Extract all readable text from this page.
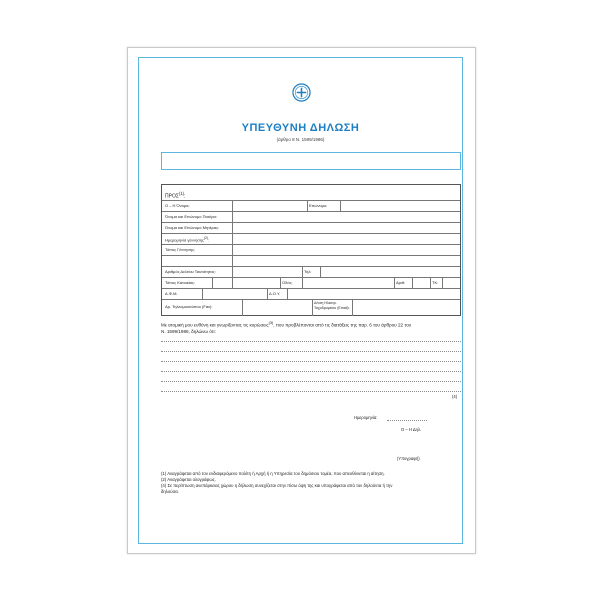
ΥΠΕΥΘΥΝΗ ΔΗΛΩΣΗ
(άρθρο 8 Ν. 1599/1986)
ΠΡΟΣ$^{(1)}$:
Ο – Η Όνομα:	Επώνυμο:
Όνομα και Επώνυμο Πατέρα:
Όνομα και Επώνυμο Μητέρας:
Ημερομηνία γέννησης$^{(2)}$:
Τόπος Γέννησης:
Αριθμός Δελτίου Ταυτότητας:	Τηλ:
Τόπος Κατοικίας:	Οδός:	Αριθ:	ΤΚ:
Α.Φ.Μ.	Δ.Ο.Υ.
Αρ. Τηλεομοιοτύπου (Fax):
Δ/νση Ηλεκτρ. Ταχυδρομείου (Email):
Με ατομική μου ευθύνη και γνωρίζοντας τις κυρώσεις$^{(3)}$, που προβλέπονται από τις διατάξεις της παρ. 6 του άρθρου 22 του
Ν. 1599/1986, δηλώνω ότι:
(4)
Ημερομηνία:
Ο – Η Δηλ.
(Υπογραφή)
(1) Αναγράφεται από τον ενδιαφερόμενο πολίτη ή Αρχή ή η Υπηρεσία του δημόσιου τομέα, που απευθύνεται η αίτηση.
(2) Αναγράφεται ολογράφως.
(4) Σε περίπτωση ανεπάρκειας χώρου η δήλωση συνεχίζεται στην πίσω όψη της και υπογράφεται από τον δηλούντα ή την
δηλούσα.
